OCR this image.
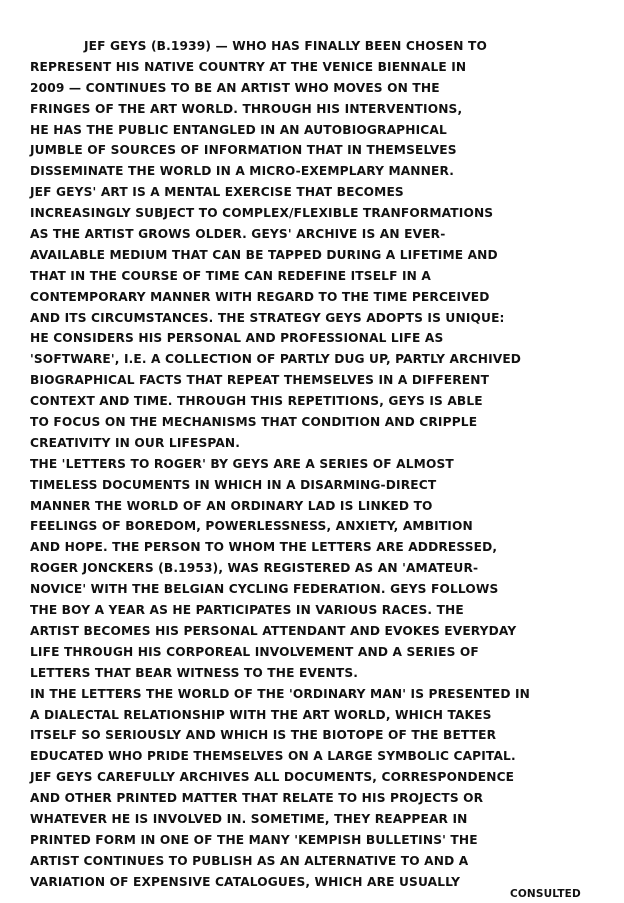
JEF GEYS (B.1939) — WHO HAS FINALLY BEEN CHOSEN TO
REPRESENT HIS NATIVE COUNTRY AT THE VENICE BIENNALE IN
2009 — CONTINUES TO BE AN ARTIST WHO MOVES ON THE
FRINGES OF THE ART WORLD. THROUGH HIS INTERVENTIONS,
HE HAS THE PUBLIC ENTANGLED IN AN AUTOBIOGRAPHICAL
JUMBLE OF SOURCES OF INFORMATION THAT IN THEMSELVES
DISSEMINATE THE WORLD IN A MICRO-EXEMPLARY MANNER.
JEF GEYS' ART IS A MENTAL EXERCISE THAT BECOMES
INCREASINGLY SUBJECT TO COMPLEX/FLEXIBLE TRANFORMATIONS
AS THE ARTIST GROWS OLDER. GEYS' ARCHIVE IS AN EVER-
AVAILABLE MEDIUM THAT CAN BE TAPPED DURING A LIFETIME AND
THAT IN THE COURSE OF TIME CAN REDEFINE ITSELF IN A
CONTEMPORARY MANNER WITH REGARD TO THE TIME PERCEIVED
AND ITS CIRCUMSTANCES. THE STRATEGY GEYS ADOPTS IS UNIQUE:
HE CONSIDERS HIS PERSONAL AND PROFESSIONAL LIFE AS
'SOFTWARE', I.E. A COLLECTION OF PARTLY DUG UP, PARTLY ARCHIVED
BIOGRAPHICAL FACTS THAT REPEAT THEMSELVES IN A DIFFERENT
CONTEXT AND TIME. THROUGH THIS REPETITIONS, GEYS IS ABLE
TO FOCUS ON THE MECHANISMS THAT CONDITION AND CRIPPLE
CREATIVITY IN OUR LIFESPAN.
THE 'LETTERS TO ROGER' BY GEYS ARE A SERIES OF ALMOST
TIMELESS DOCUMENTS IN WHICH IN A DISARMING-DIRECT
MANNER THE WORLD OF AN ORDINARY LAD IS LINKED TO
FEELINGS OF BOREDOM, POWERLESSNESS, ANXIETY, AMBITION
AND HOPE. THE PERSON TO WHOM THE LETTERS ARE ADDRESSED,
ROGER JONCKERS (B.1953), WAS REGISTERED AS AN 'AMATEUR-
NOVICE' WITH THE BELGIAN CYCLING FEDERATION. GEYS FOLLOWS
THE BOY A YEAR AS HE PARTICIPATES IN VARIOUS RACES. THE
ARTIST BECOMES HIS PERSONAL ATTENDANT AND EVOKES EVERYDAY
LIFE THROUGH HIS CORPOREAL INVOLVEMENT AND A SERIES OF
LETTERS THAT BEAR WITNESS TO THE EVENTS.
IN THE LETTERS THE WORLD OF THE 'ORDINARY MAN' IS PRESENTED IN
A DIALECTAL RELATIONSHIP WITH THE ART WORLD, WHICH TAKES
ITSELF SO SERIOUSLY AND WHICH IS THE BIOTOPE OF THE BETTER
EDUCATED WHO PRIDE THEMSELVES ON A LARGE SYMBOLIC CAPITAL.
JEF GEYS CAREFULLY ARCHIVES ALL DOCUMENTS, CORRESPONDENCE
AND OTHER PRINTED MATTER THAT RELATE TO HIS PROJECTS OR
WHATEVER HE IS INVOLVED IN. SOMETIME, THEY REAPPEAR IN
PRINTED FORM IN ONE OF THE MANY 'KEMPISH BULLETINS' THE
ARTIST CONTINUES TO PUBLISH AS AN ALTERNATIVE TO AND A
VARIATION OF EXPENSIVE CATALOGUES, WHICH ARE USUALLY
CONSULTED
